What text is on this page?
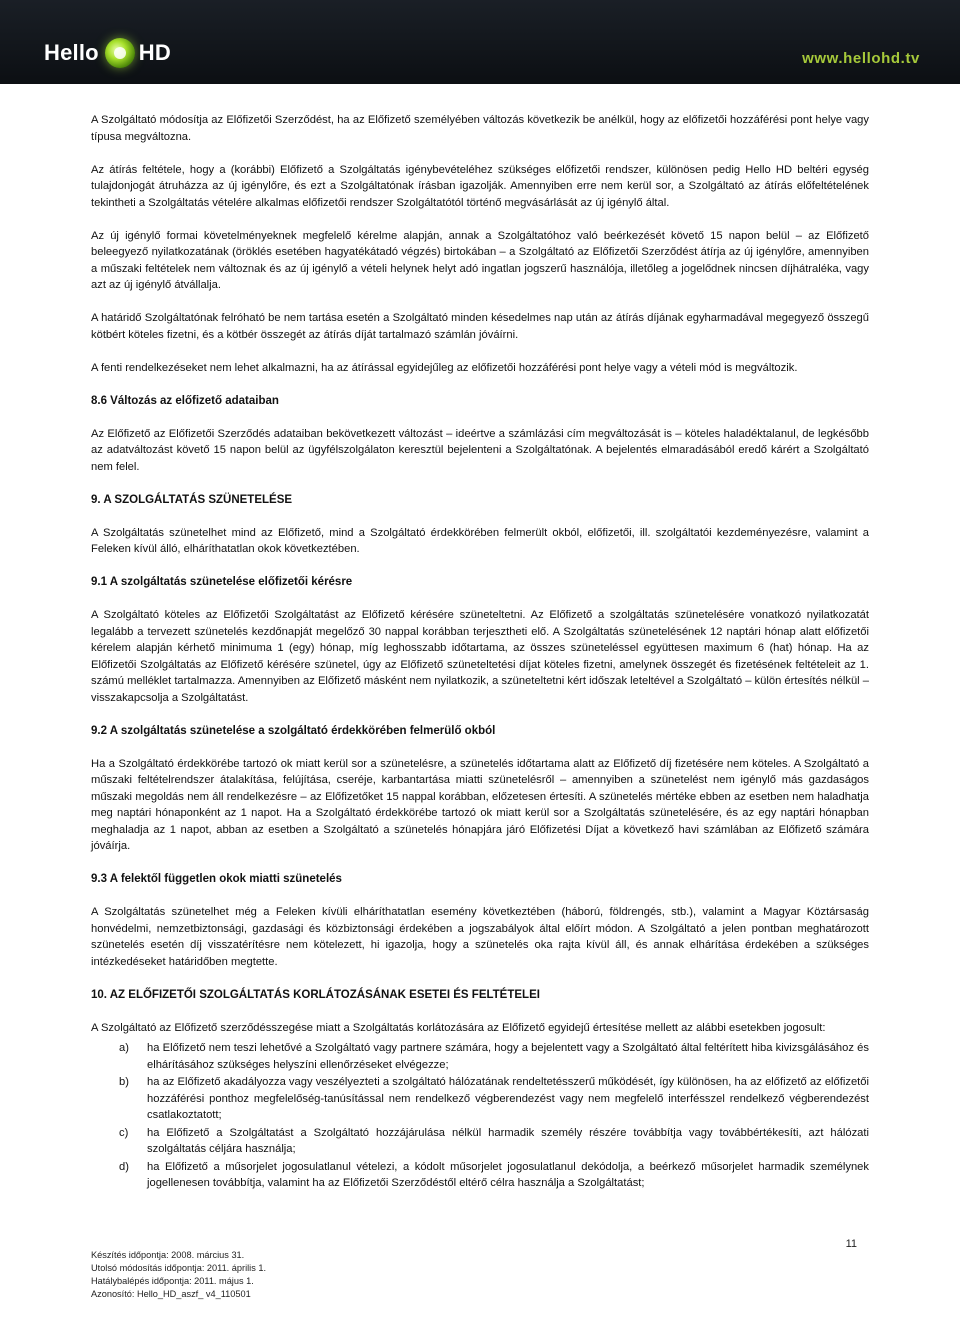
Hello HD	www.hellohd.tv

A Szolgáltató módosítja az Előfizetői Szerződést, ha az Előfizető személyében változás következik be anélkül, hogy az előfizetői hozzáférési pont helye vagy típusa megváltozna.

Az átírás feltétele, hogy a (korábbi) Előfizető a Szolgáltatás igénybevételéhez szükséges előfizetői rendszer, különösen pedig Hello HD beltéri egység tulajdonjogát átruházza az új igénylőre, és ezt a Szolgáltatónak írásban igazolják. Amennyiben erre nem kerül sor, a Szolgáltató az átírás előfeltételének tekintheti a Szolgáltatás vételére alkalmas előfizetői rendszer Szolgáltatótól történő megvásárlását az új igénylő által.

Az új igénylő formai követelményeknek megfelelő kérelme alapján, annak a Szolgáltatóhoz való beérkezését követő 15 napon belül – az Előfizető beleegyező nyilatkozatának (öröklés esetében hagyatékátadó végzés) birtokában – a Szolgáltató az Előfizetői Szerződést átírja az új igénylőre, amennyiben a műszaki feltételek nem változnak és az új igénylő a vételi helynek helyt adó ingatlan jogszerű használója, illetőleg a jogelődnek nincsen díjhátraléka, vagy azt az új igénylő átvállalja.

A határidő Szolgáltatónak felróható be nem tartása esetén a Szolgáltató minden késedelmes nap után az átírás díjának egyharmadával megegyező összegű kötbért köteles fizetni, és a kötbér összegét az átírás díját tartalmazó számlán jóváírni.

A fenti rendelkezéseket nem lehet alkalmazni, ha az átírással egyidejűleg az előfizetői hozzáférési pont helye vagy a vételi mód is megváltozik.

8.6 Változás az előfizető adataiban

Az Előfizető az Előfizetői Szerződés adataiban bekövetkezett változást – ideértve a számlázási cím megváltozását is – köteles haladéktalanul, de legkésőbb az adatváltozást követő 15 napon belül az ügyfélszolgálaton keresztül bejelenteni a Szolgáltatónak. A bejelentés elmaradásából eredő kárért a Szolgáltató nem felel.

9. A SZOLGÁLTATÁS SZÜNETELÉSE

A Szolgáltatás szünetelhet mind az Előfizető, mind a Szolgáltató érdekkörében felmerült okból, előfizetői, ill. szolgáltatói kezdeményezésre, valamint a Feleken kívül álló, elháríthatatlan okok következtében.

9.1 A szolgáltatás szünetelése előfizetői kérésre

A Szolgáltató köteles az Előfizetői Szolgáltatást az Előfizető kérésére szüneteltetni. Az Előfizető a szolgáltatás szünetelésére vonatkozó nyilatkozatát legalább a tervezett szünetelés kezdőnapját megelőző 30 nappal korábban terjesztheti elő. A Szolgáltatás szünetelésének 12 naptári hónap alatt előfizetői kérelem alapján kérhető minimuma 1 (egy) hónap, míg leghosszabb időtartama, az összes szüneteléssel együttesen maximum 6 (hat) hónap. Ha az Előfizetői Szolgáltatás az Előfizető kérésére szünetel, úgy az Előfizető szüneteltetési díjat köteles fizetni, amelynek összegét és fizetésének feltételeit az 1. számú melléklet tartalmazza. Amennyiben az Előfizető másként nem nyilatkozik, a szüneteltetni kért időszak leteltével a Szolgáltató – külön értesítés nélkül – visszakapcsolja a Szolgáltatást.

9.2 A szolgáltatás szünetelése a szolgáltató érdekkörében felmerülő okból

Ha a Szolgáltató érdekkörébe tartozó ok miatt kerül sor a szünetelésre, a szünetelés időtartama alatt az Előfizető díj fizetésére nem köteles. A Szolgáltató a műszaki feltételrendszer átalakítása, felújítása, cseréje, karbantartása miatti szünetelésről – amennyiben a szünetelést nem igénylő más gazdaságos műszaki megoldás nem áll rendelkezésre – az Előfizetőket 15 nappal korábban, előzetesen értesíti. A szünetelés mértéke ebben az esetben nem haladhatja meg naptári hónaponként az 1 napot. Ha a Szolgáltató érdekkörébe tartozó ok miatt kerül sor a Szolgáltatás szünetelésére, és az egy naptári hónapban meghaladja az 1 napot, abban az esetben a Szolgáltató a szünetelés hónapjára járó Előfizetési Díjat a következő havi számlában az Előfizető számára jóváírja.

9.3 A felektől független okok miatti szünetelés

A Szolgáltatás szünetelhet még a Feleken kívüli elháríthatatlan esemény következtében (háború, földrengés, stb.), valamint a Magyar Köztársaság honvédelmi, nemzetbiztonsági, gazdasági és közbiztonsági érdekében a jogszabályok által előírt módon. A Szolgáltató a jelen pontban meghatározott szünetelés esetén díj visszatérítésre nem kötelezett, hi igazolja, hogy a szünetelés oka rajta kívül áll, és annak elhárítása érdekében a szükséges intézkedéseket határidőben megtette.

10. AZ ELŐFIZETŐI SZOLGÁLTATÁS KORLÁTOZÁSÁNAK ESETEI ÉS FELTÉTELEI

A Szolgáltató az Előfizető szerződésszegése miatt a Szolgáltatás korlátozására az Előfizető egyidejű értesítése mellett az alábbi esetekben jogosult:

a)	ha Előfizető nem teszi lehetővé a Szolgáltató vagy partnere számára, hogy a bejelentett vagy a Szolgáltató által feltérített hiba kivizsgálásához és elhárításához szükséges helyszíni ellenőrzéseket elvégezze;
b)	ha az Előfizető akadályozza vagy veszélyezteti a szolgáltató hálózatának rendeltetésszerű működését, így különösen, ha az előfizető az előfizetői hozzáférési ponthoz megfelelőség-tanúsítással nem rendelkező végberendezést vagy nem megfelelő interfésszel rendelkező végberendezést csatlakoztatott;
c)	ha Előfizető a Szolgáltatást a Szolgáltató hozzájárulása nélkül harmadik személy részére továbbítja vagy továbbértékesíti, azt hálózati szolgáltatás céljára használja;
d)	ha Előfizető a műsorjelet jogosulatlanul vételezi, a kódolt műsorjelet jogosulatlanul dekódolja, a beérkező műsorjelet harmadik személynek jogellenesen továbbítja, valamint ha az Előfizetői Szerződéstől eltérő célra használja a Szolgáltatást;
Készítés időpontja: 2008. március 31.
Utolsó módosítás időpontja: 2011. április 1.
Hatálybalépés időpontja: 2011. május 1.
Azonosító: Hello_HD_aszf_ v4_110501
11
